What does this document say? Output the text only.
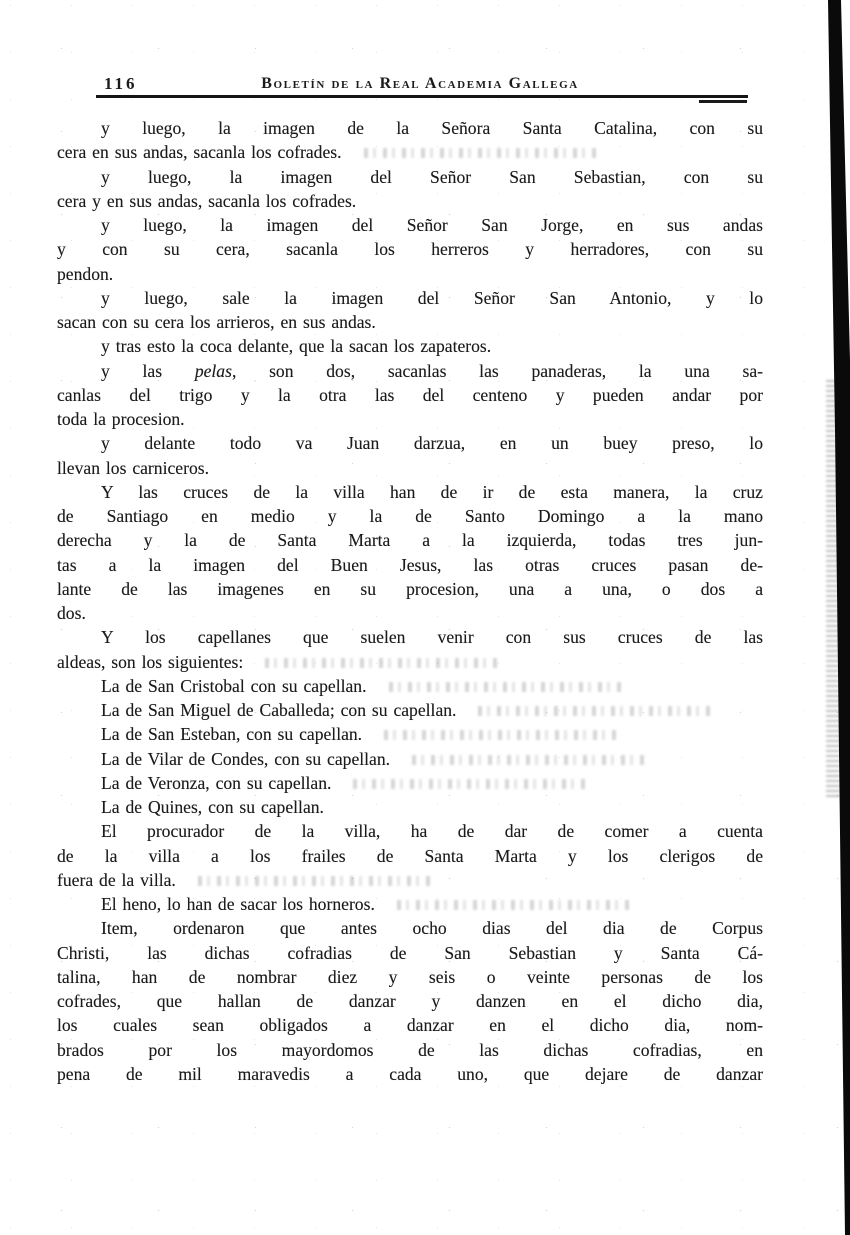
116	Boletín de la Real Academia Gallega
y luego, la imagen de la Señora Santa Catalina, con su
cera en sus andas, sacanla los cofrades.
y luego, la imagen del Señor San Sebastian, con su
cera y en sus andas, sacanla los cofrades.
y luego, la imagen del Señor San Jorge, en sus andas
y con su cera, sacanla los herreros y herradores, con su
pendon.
y luego, sale la imagen del Señor San Antonio, y lo
sacan con su cera los arrieros, en sus andas.
y tras esto la coca delante, que la sacan los zapateros.
y las pelas, son dos, sacanlas las panaderas, la una sa-
canlas del trigo y la otra las del centeno y pueden andar por
toda la procesion.
y delante todo va Juan darzua, en un buey preso, lo
llevan los carniceros.
Y las cruces de la villa han de ir de esta manera, la cruz
de Santiago en medio y la de Santo Domingo a la mano
derecha y la de Santa Marta a la izquierda, todas tres jun-
tas a la imagen del Buen Jesus, las otras cruces pasan de-
lante de las imagenes en su procesion, una a una, o dos a
dos.
Y los capellanes que suelen venir con sus cruces de las
aldeas, son los siguientes:
La de San Cristobal con su capellan.
La de San Miguel de Caballeda; con su capellan.
La de San Esteban, con su capellan.
La de Vilar de Condes, con su capellan.
La de Veronza, con su capellan.
La de Quines, con su capellan.
El procurador de la villa, ha de dar de comer a cuenta
de la villa a los frailes de Santa Marta y los clerigos de
fuera de la villa.
El heno, lo han de sacar los horneros.
Item, ordenaron que antes ocho dias del dia de Corpus
Christi, las dichas cofradias de San Sebastian y Santa Cá-
talina, han de nombrar diez y seis o veinte personas de los
cofrades, que hallan de danzar y danzen en el dicho dia,
los cuales sean obligados a danzar en el dicho dia, nom-
brados por los mayordomos de las dichas cofradias, en
pena de mil maravedis a cada uno, que dejare de danzar
